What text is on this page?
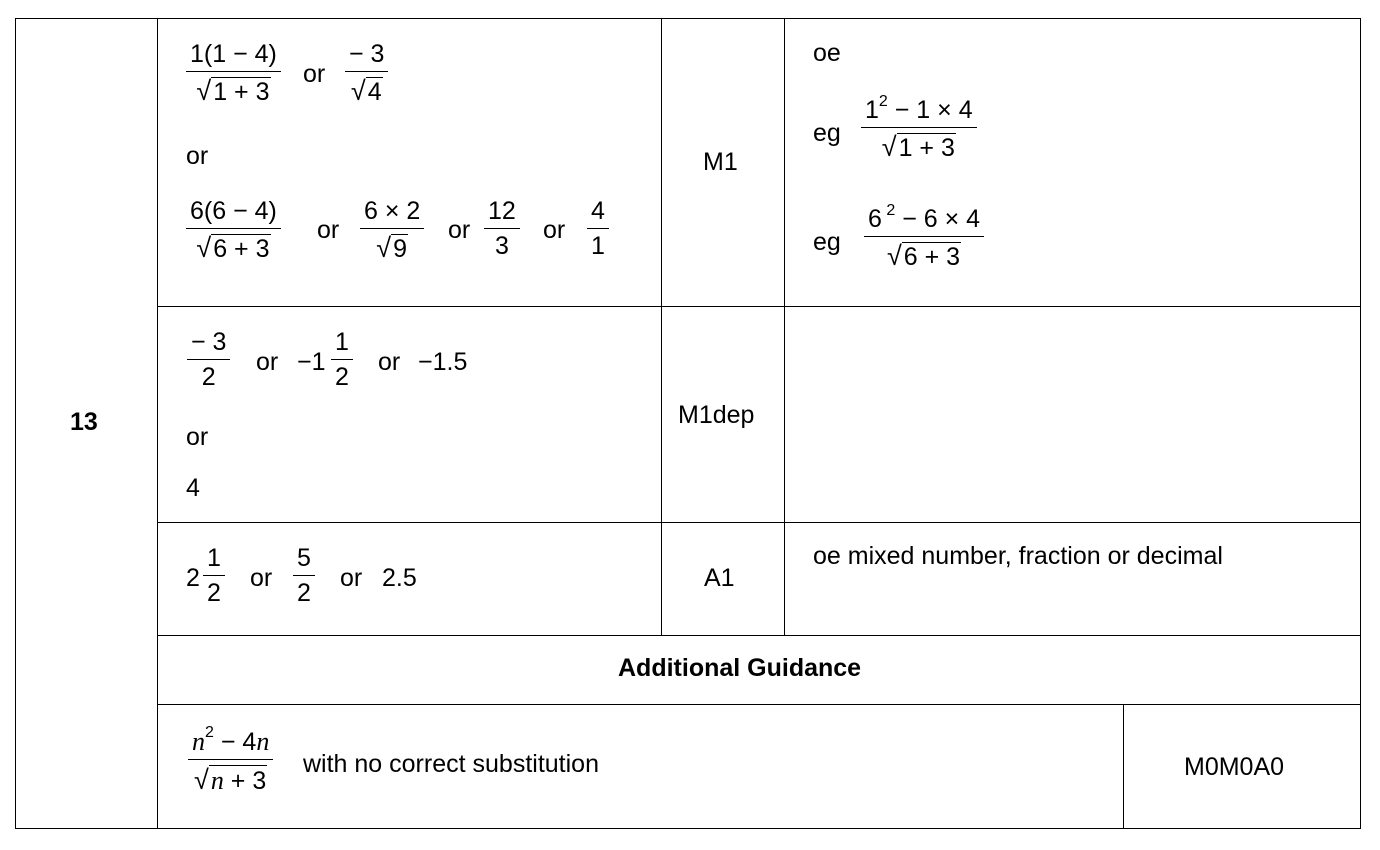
13
1(1 − 4)
√ 1 + 3
or
− 3
√ 4
or
6(6 − 4)
√ 6 + 3
or
6 × 2
√ 9
or
12
3
or
4
1
M1
oe
eg
$1^2 - 1 \times 4$
√ 1 + 3
eg
6 $^2$ − 6 × 4
√ 6 + 3
− 3
2
or −1
1
2
or −1.5
or
4
M1dep
2
1
2
or
5
2
or 2.5	A1
oe mixed number, fraction or decimal
Additional Guidance
$n^2 - 4n$
√ n + 3
with no correct substitution	M0M0A0
